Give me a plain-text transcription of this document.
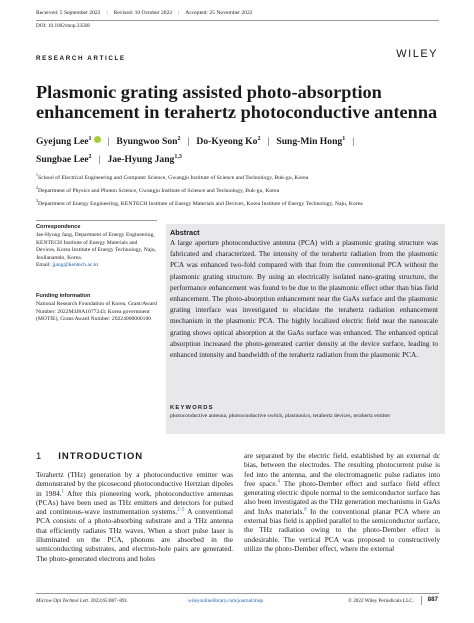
Received: 5 September 2022 | Revised: 10 October 2022 | Accepted: 25 November 2022
DOI: 10.1002/mop.33568
RESEARCH ARTICLE	WILEY
Plasmonic grating assisted photo-absorption enhancement in terahertz photoconductive antenna
Gyejung Lee$^1$ | Byungwoo Son$^2$ | Do-Kyeong Ko$^2$ | Sung-Min Hong$^1$ |
Sungbae Lee$^2$ | Jae-Hyung Jang$^{1,3}$
$^1$School of Electrical Engineering and Computer Science, Gwangju Institute of Science and Technology, Buk-gu, Korea
$^2$Department of Physics and Photon Science, Gwangju Institute of Science and Technology, Buk-gu, Korea
$^3$Department of Energy Engineering, KENTECH Institute of Energy Materials and Devices, Korea Institute of Energy Technology, Naju, Korea
Correspondence
Jae-Hyung Jang, Department of Energy Engineering, KENTECH Institute of Energy Materials and Devices, Korea Institute of Energy Technology, Naju, Jeollanamdo, Korea.
Email: jjang@kentech.ac.kr
Funding information
National Research Foundation of Korea, Grant/Award Number: 2022M3J8A1077243; Korea government (MOTIE), Grant/Award Number: 20224000000100
Abstract
A large aperture photoconductive antenna (PCA) with a plasmonic grating structure was fabricated and characterized. The intensity of the terahertz radiation from the plasmonic PCA was enhanced two-fold compared with that from the conventional PCA without the plasmonic grating structure. By using an electrically isolated nano-grating structure, the performance enhancement was found to be due to the plasmonic effect other than bias field enhancement. The photo-absorption enhancement near the GaAs surface and the plasmonic grating interface was investigated to elucidate the terahertz radiation enhancement mechanism in the plasmonic PCA. The highly localized electric field near the nanoscale grating shows optical absorption at the GaAs surface was enhanced. The enhanced optical absorption increased the photo-generated carrier density at the device surface, leading to enhanced intensity and bandwidth of the terahertz radiation from the plasmonic PCA.
KEYWORDS
photoconductive antenna, photoconductive switch, plasmonics, terahertz devices, terahertz emitter
1 INTRODUCTION
Terahertz (THz) generation by a photoconductive emitter was demonstrated by the picosecond photoconductive Hertzian dipoles in 1984.$^1$ After this pioneering work, photoconductive antennas (PCAs) have been used as THz emitters and detectors for pulsed and continuous-wave instrumentation systems.$^{2-5}$ A conventional PCA consists of a photo-absorbing substrate and a THz antenna that efficiently radiates THz waves. When a short pulse laser is illuminated on the PCA, photons are absorbed in the semiconducting substrates, and electron-hole pairs are generated. The photo-generated electrons and holes
are separated by the electric field, established by an external dc bias, between the electrodes. The resulting photocurrent pulse is fed into the antenna, and the electromagnetic pulse radiates into free space.$^4$ The photo-Dember effect and surface field effect generating electric dipole normal to the semiconductor surface has also been investigated as the THz generation mechanisms in GaAs and InAs materials.$^6$ In the conventional planar PCA where an external bias field is applied parallel to the semiconductor surface, the THz radiation owing to the photo-Dember effect is undesirable. The vertical PCA was proposed to constructively utilize the photo-Dember effect, where the external
Microw Opt Technol Lett. 2023;65:887–891.	wileyonlinelibrary.com/journal/mop	© 2022 Wiley Periodicals LLC. 887
